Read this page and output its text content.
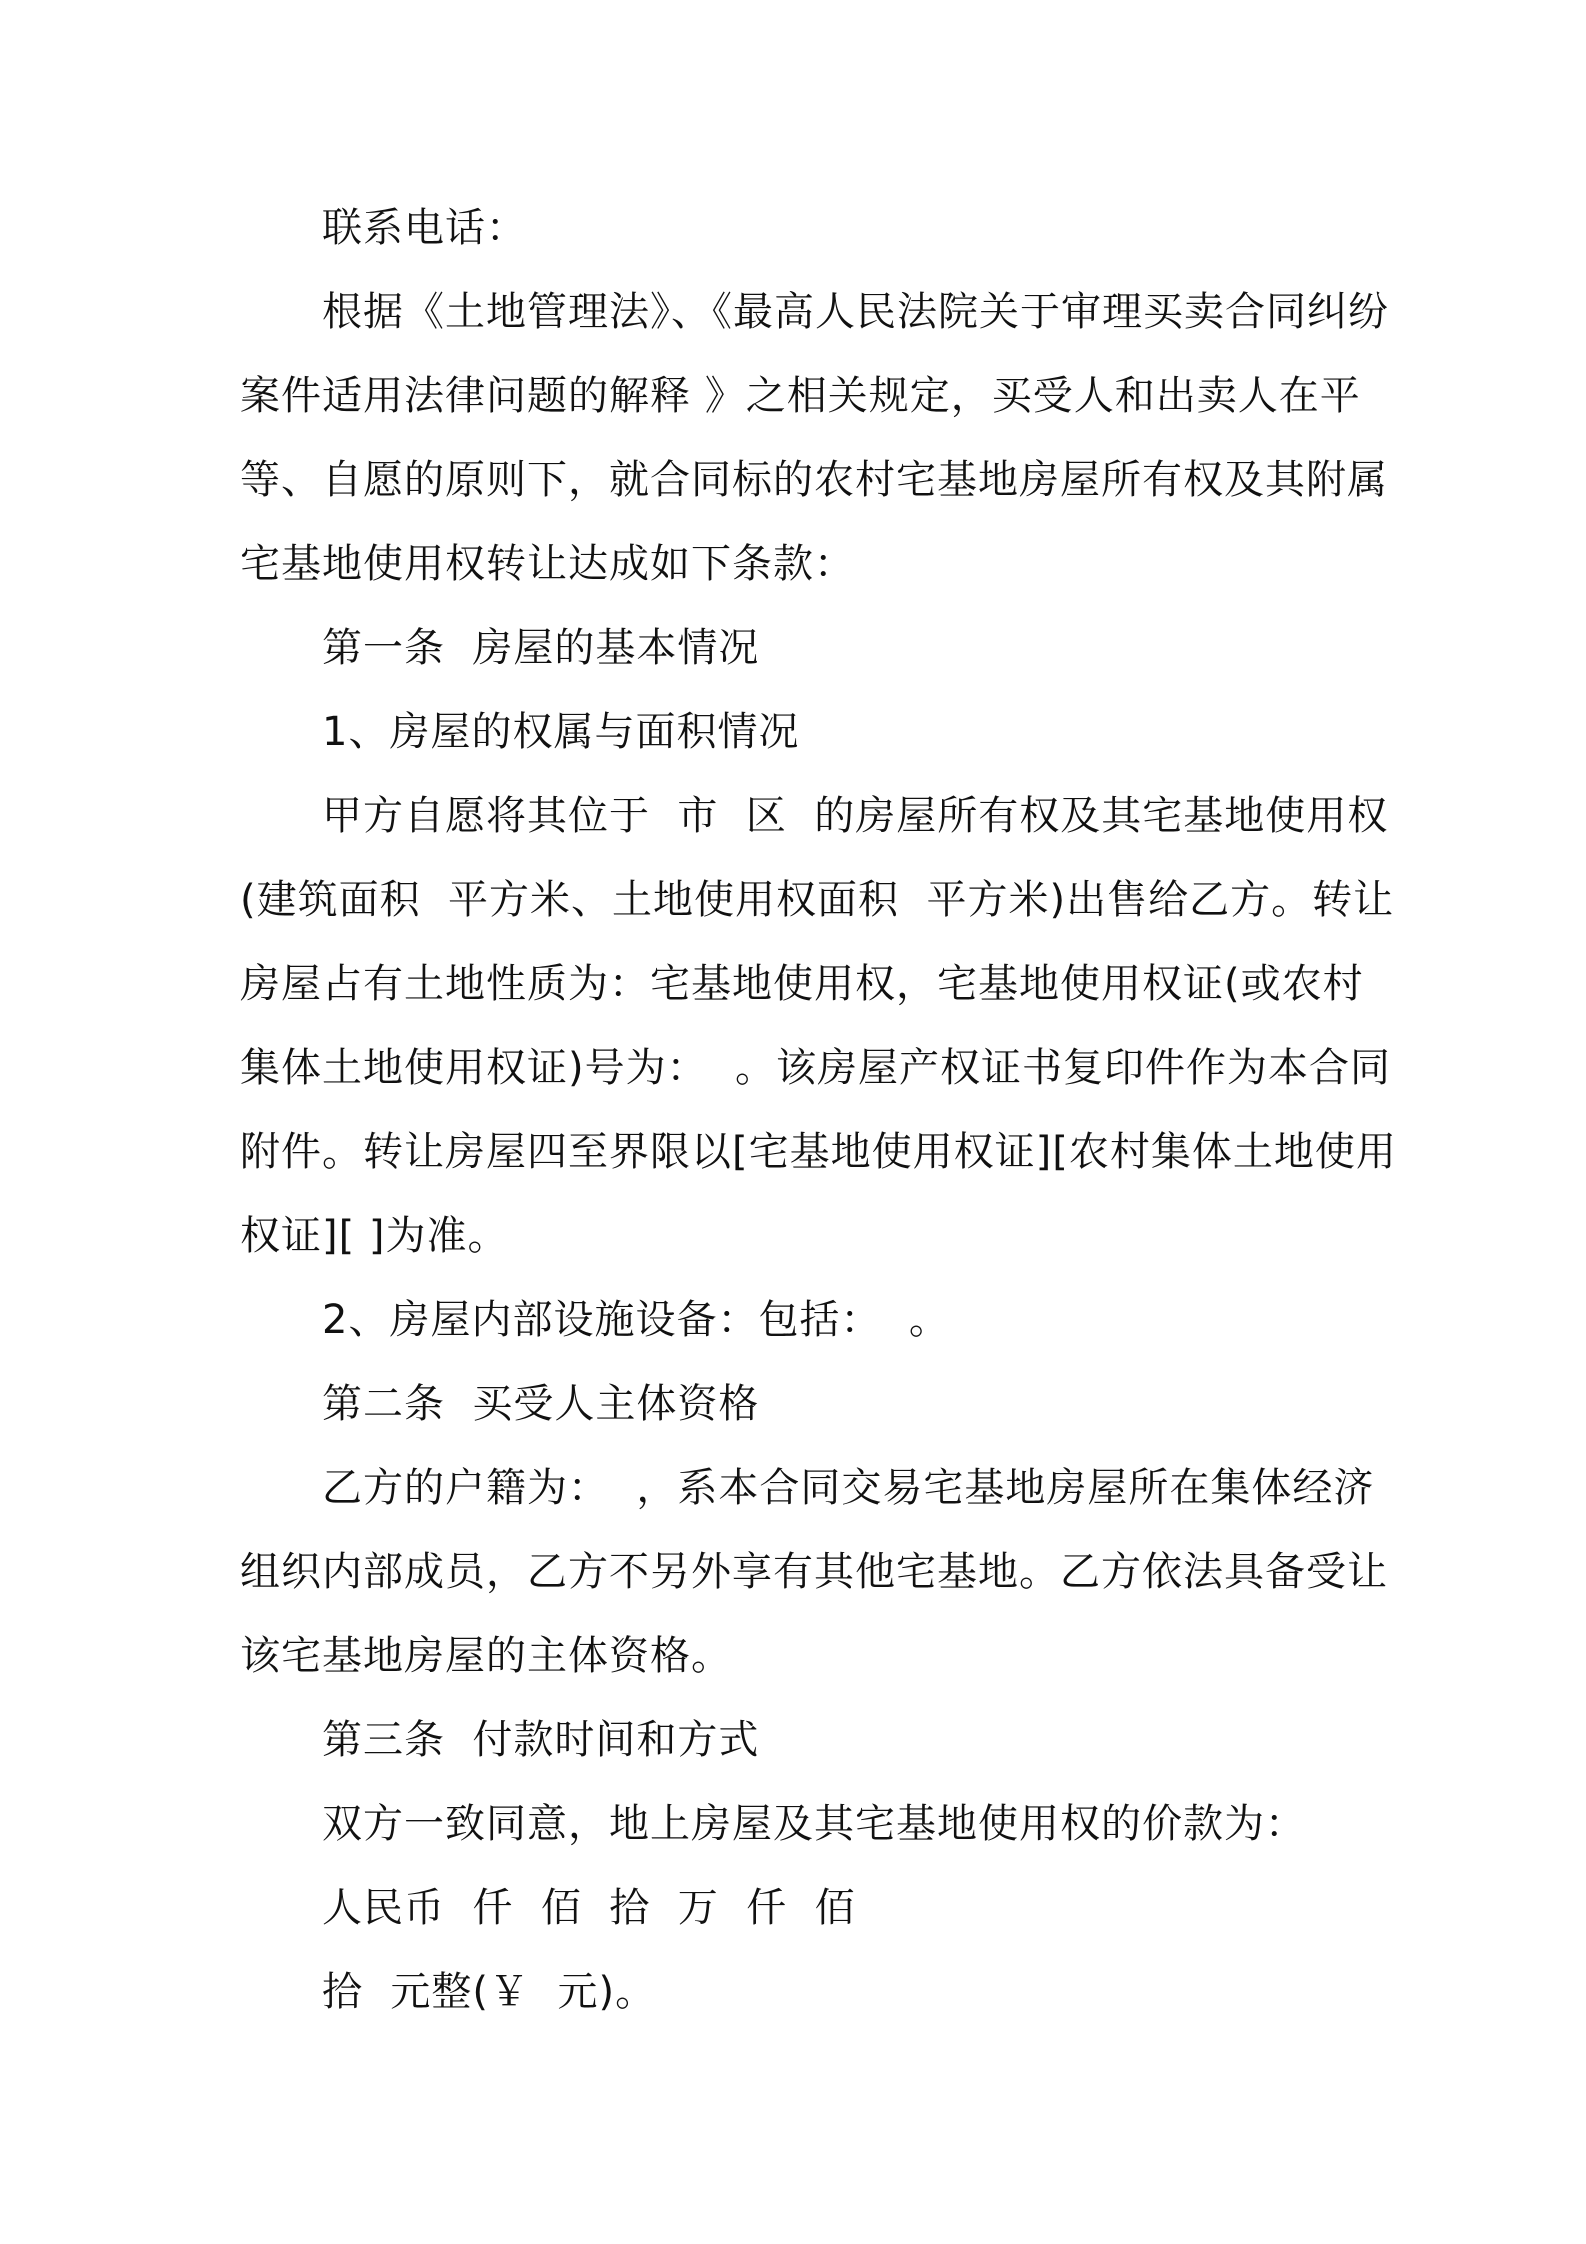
联系电话：
根据《土地管理法》、《最高人民法院关于审理买卖合同纠纷
案件适用法律问题的解释 》之相关规定，买受人和出卖人在平
等、自愿的原则下，就合同标的农村宅基地房屋所有权及其附属
宅基地使用权转让达成如下条款：
第一条  房屋的基本情况
1、房屋的权属与面积情况
甲方自愿将其位于  市  区  的房屋所有权及其宅基地使用权
(建筑面积  平方米、土地使用权面积  平方米)出售给乙方。转让
房屋占有土地性质为：宅基地使用权，宅基地使用权证(或农村
集体土地使用权证)号为：  。该房屋产权证书复印件作为本合同
附件。转让房屋四至界限以[宅基地使用权证][农村集体土地使用
权证][ ]为准。
2、房屋内部设施设备：包括：  。
第二条  买受人主体资格
乙方的户籍为：  ，系本合同交易宅基地房屋所在集体经济
组织内部成员，乙方不另外享有其他宅基地。乙方依法具备受让
该宅基地房屋的主体资格。
第三条  付款时间和方式
双方一致同意，地上房屋及其宅基地使用权的价款为：
人民币  仟  佰  拾  万  仟  佰
拾  元整(￥  元)。
